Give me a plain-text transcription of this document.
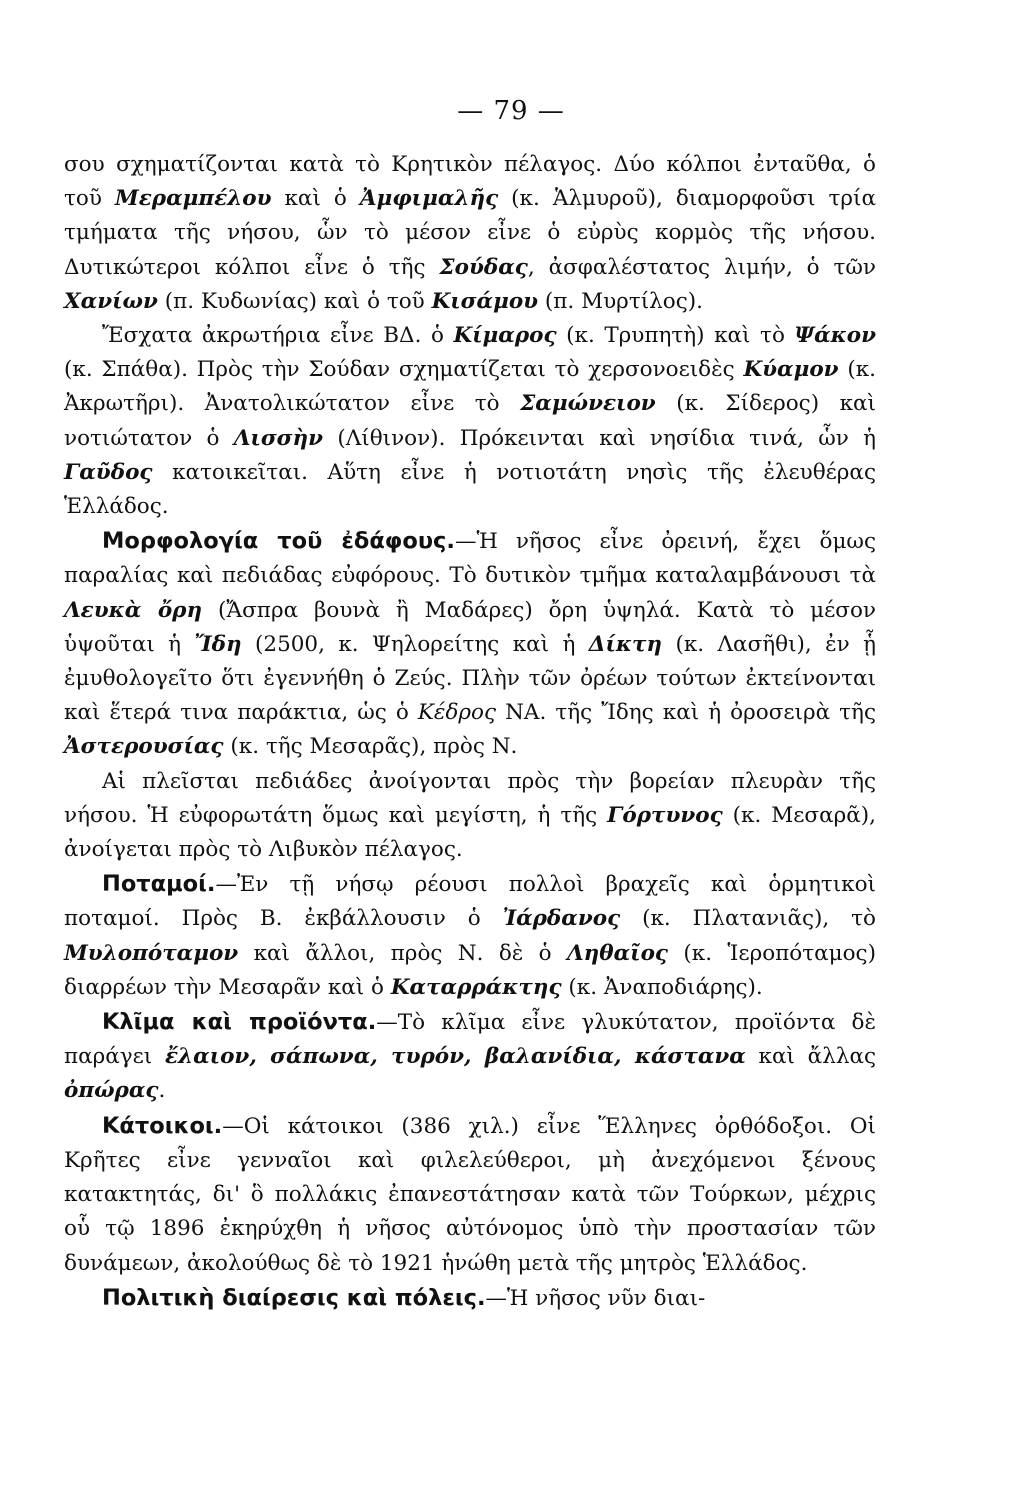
— 79 —

σου σχηματίζονται κατὰ τὸ Κρητικὸν πέλαγος. Δύο κόλποι ἐνταῦθα, ὁ τοῦ Μεραμπέλου καὶ ὁ Ἀμφιμαλῆς (κ. Ἁλμυροῦ), διαμορφοῦσι τρία τμήματα τῆς νήσου, ὧν τὸ μέσον εἶνε ὁ εὐρὺς κορμὸς τῆς νήσου. Δυτικώτεροι κόλποι εἶνε ὁ τῆς Σούδας, ἀσφαλέστατος λιμήν, ὁ τῶν Χανίων (π. Κυδωνίας) καὶ ὁ τοῦ Κισάμου (π. Μυρτίλος).

Ἔσχατα ἀκρωτήρια εἶνε ΒΔ. ὁ Κίμαρος (κ. Τρυπητὴ) καὶ τὸ Ψάκον (κ. Σπάθα). Πρὸς τὴν Σούδαν σχηματίζεται τὸ χερσονοειδὲς Κύαμον (κ. Ἀκρωτῆρι). Ἀνατολικώτατον εἶνε τὸ Σαμώνειον (κ. Σίδερος) καὶ νοτιώτατον ὁ Λισσὴν (Λίθινον). Πρόκεινται καὶ νησίδια τινά, ὧν ἡ Γαῦδος κατοικεῖται. Αὕτη εἶνε ἡ νοτιοτάτη νησὶς τῆς ἐλευθέρας Ἑλλάδος.

Μορφολογία τοῦ ἐδάφους.—Ἡ νῆσος εἶνε ὀρεινή, ἔχει ὅμως παραλίας καὶ πεδιάδας εὐφόρους. Τὸ δυτικὸν τμῆμα καταλαμβάνουσι τὰ Λευκὰ ὄρη (Ἄσπρα βουνὰ ἢ Μαδάρες) ὄρη ὑψηλά. Κατὰ τὸ μέσον ὑψοῦται ἡ Ἴδη (2500, κ. Ψηλορείτης καὶ ἡ Δίκτη (κ. Λασῆθι), ἐν ᾗ ἐμυθολογεῖτο ὅτι ἐγεννήθη ὁ Ζεύς. Πλὴν τῶν ὀρέων τούτων ἐκτείνονται καὶ ἕτερά τινα παράκτια, ὡς ὁ Κέδρος ΝΑ. τῆς Ἴδης καὶ ἡ ὀροσειρὰ τῆς Ἀστερουσίας (κ. τῆς Μεσαρᾶς), πρὸς Ν.

Αἱ πλεῖσται πεδιάδες ἀνοίγονται πρὸς τὴν βορείαν πλευρὰν τῆς νήσου. Ἡ εὐφορωτάτη ὅμως καὶ μεγίστη, ἡ τῆς Γόρτυνος (κ. Μεσαρᾶ), ἀνοίγεται πρὸς τὸ Λιβυκὸν πέλαγος.

Ποταμοί.—Ἐν τῇ νήσῳ ρέουσι πολλοὶ βραχεῖς καὶ ὁρμητικοὶ ποταμοί. Πρὸς Β. ἐκβάλλουσιν ὁ Ἰάρδανος (κ. Πλατανιᾶς), τὸ Μυλοπόταμον καὶ ἄλλοι, πρὸς Ν. δὲ ὁ Ληθαῖος (κ. Ἱεροπόταμος) διαρρέων τὴν Μεσαρᾶν καὶ ὁ Καταρράκτης (κ. Ἀναποδιάρης).

Κλῖμα καὶ προϊόντα.—Τὸ κλῖμα εἶνε γλυκύτατον, προϊόντα δὲ παράγει ἔλαιον, σάπωνα, τυρόν, βαλανίδια, κάστανα καὶ ἄλλας ὀπώρας.

Κάτοικοι.—Οἱ κάτοικοι (386 χιλ.) εἶνε Ἕλληνες ὀρθόδοξοι. Οἱ Κρῆτες εἶνε γενναῖοι καὶ φιλελεύθεροι, μὴ ἀνεχόμενοι ξένους κατακτητάς, δι' ὃ πολλάκις ἐπανεστάτησαν κατὰ τῶν Τούρκων, μέχρις οὗ τῷ 1896 ἐκηρύχθη ἡ νῆσος αὐτόνομος ὑπὸ τὴν προστασίαν τῶν δυνάμεων, ἀκολούθως δὲ τὸ 1921 ἡνώθη μετὰ τῆς μητρὸς Ἑλλάδος.

Πολιτικὴ διαίρεσις καὶ πόλεις.—Ἡ νῆσος νῦν διαι-
